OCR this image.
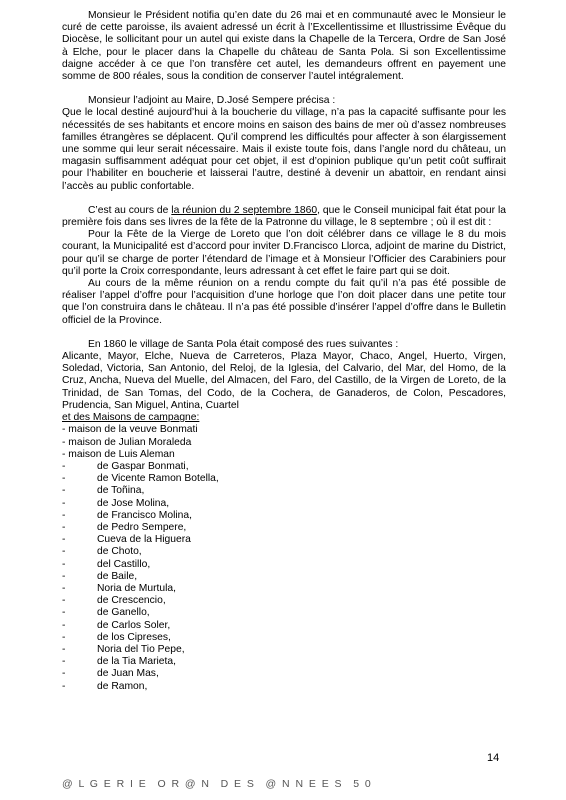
Monsieur le Président notifia qu’en date du 26 mai et en communauté avec le Monsieur le curé de cette paroisse, ils avaient adressé un écrit à l’Excellentissime et Illustrissime Évêque du Diocèse, le sollicitant pour un autel qui existe dans la Chapelle de la Tercera, Ordre de San José à Elche, pour le placer dans la Chapelle du château de Santa Pola. Si son Excellentissime daigne accéder à ce que l’on transfère cet autel, les demandeurs offrent en payement une somme de 800 réales, sous la condition de conserver l’autel intégralement.

Monsieur l’adjoint au Maire, D.José Sempere précisa :

Que le local destiné aujourd’hui à la boucherie du village, n’a pas la capacité suffisante pour les nécessités de ses habitants et encore moins en saison des bains de mer où d’assez nombreuses familles étrangères se déplacent. Qu’il comprend les difficultés pour affecter à son élargissement une somme qui leur serait nécessaire. Mais il existe toute fois, dans l’angle nord du château, un magasin suffisamment adéquat pour cet objet, il est d’opinion publique qu’un petit coût suffirait pour l’habiliter en boucherie et laisserai l’autre, destiné à devenir un abattoir, en rendant ainsi l’accès au public confortable.

C’est au cours de la réunion du 2 septembre 1860, que le Conseil municipal fait état pour la première fois dans ses livres de la fête de la Patronne du village, le 8 septembre ; où il est dit :

Pour la Fête de la Vierge de Loreto que l’on doit célébrer dans ce village le 8 du mois courant, la Municipalité est d’accord pour inviter D.Francisco Llorca, adjoint de marine du District, pour qu’il se charge de porter l’étendard de l’image et à Monsieur l’Officier des Carabiniers pour qu’il porte la Croix correspondante, leurs adressant à cet effet le faire part qui se doit.

Au cours de la même réunion on a rendu compte du fait qu’il n’a pas été possible de réaliser l’appel d’offre pour l’acquisition d’une horloge que l’on doit placer dans une petite tour que l’on construira dans le château. Il n’a pas été possible d’insérer l’appel d’offre dans le Bulletin officiel de la Province.

En 1860 le village de Santa Pola était composé des rues suivantes :

Alicante, Mayor, Elche, Nueva de Carreteros, Plaza Mayor, Chaco, Angel, Huerto, Virgen, Soledad, Victoria, San Antonio, del Reloj, de la Iglesia, del Calvario, del Mar, del Homo, de la Cruz, Ancha, Nueva del Muelle, del Almacen, del Faro, del Castillo, de la Virgen de Loreto, de la Trinidad, de San Tomas, del Codo, de la Cochera, de Ganaderos, de Colon, Pescadores, Prudencia, San Miguel, Antina, Cuartel

et des Maisons de campagne:

- maison de la veuve Bonmati
- maison de Julian Moraleda
- maison de Luis Aleman
-	de Gaspar Bonmati,
-	de Vicente Ramon Botella,
-	de Toñina,
-	de Jose Molina,
-	de Francisco Molina,
-	de Pedro Sempere,
-	Cueva de la Higuera
-	de Choto,
-	del Castillo,
-	de Baile,
-	Noria de Murtula,
-	de Crescencio,
-	de Ganello,
-	de Carlos Soler,
-	de los Cipreses,
-	Noria del Tio Pepe,
-	de la Tia Marieta,
-	de Juan Mas,
-	de Ramon,
14
@  L  G  E  R  I  E    O  R  @  N    D  E  S    @  N  N  E  E  S    5  0
